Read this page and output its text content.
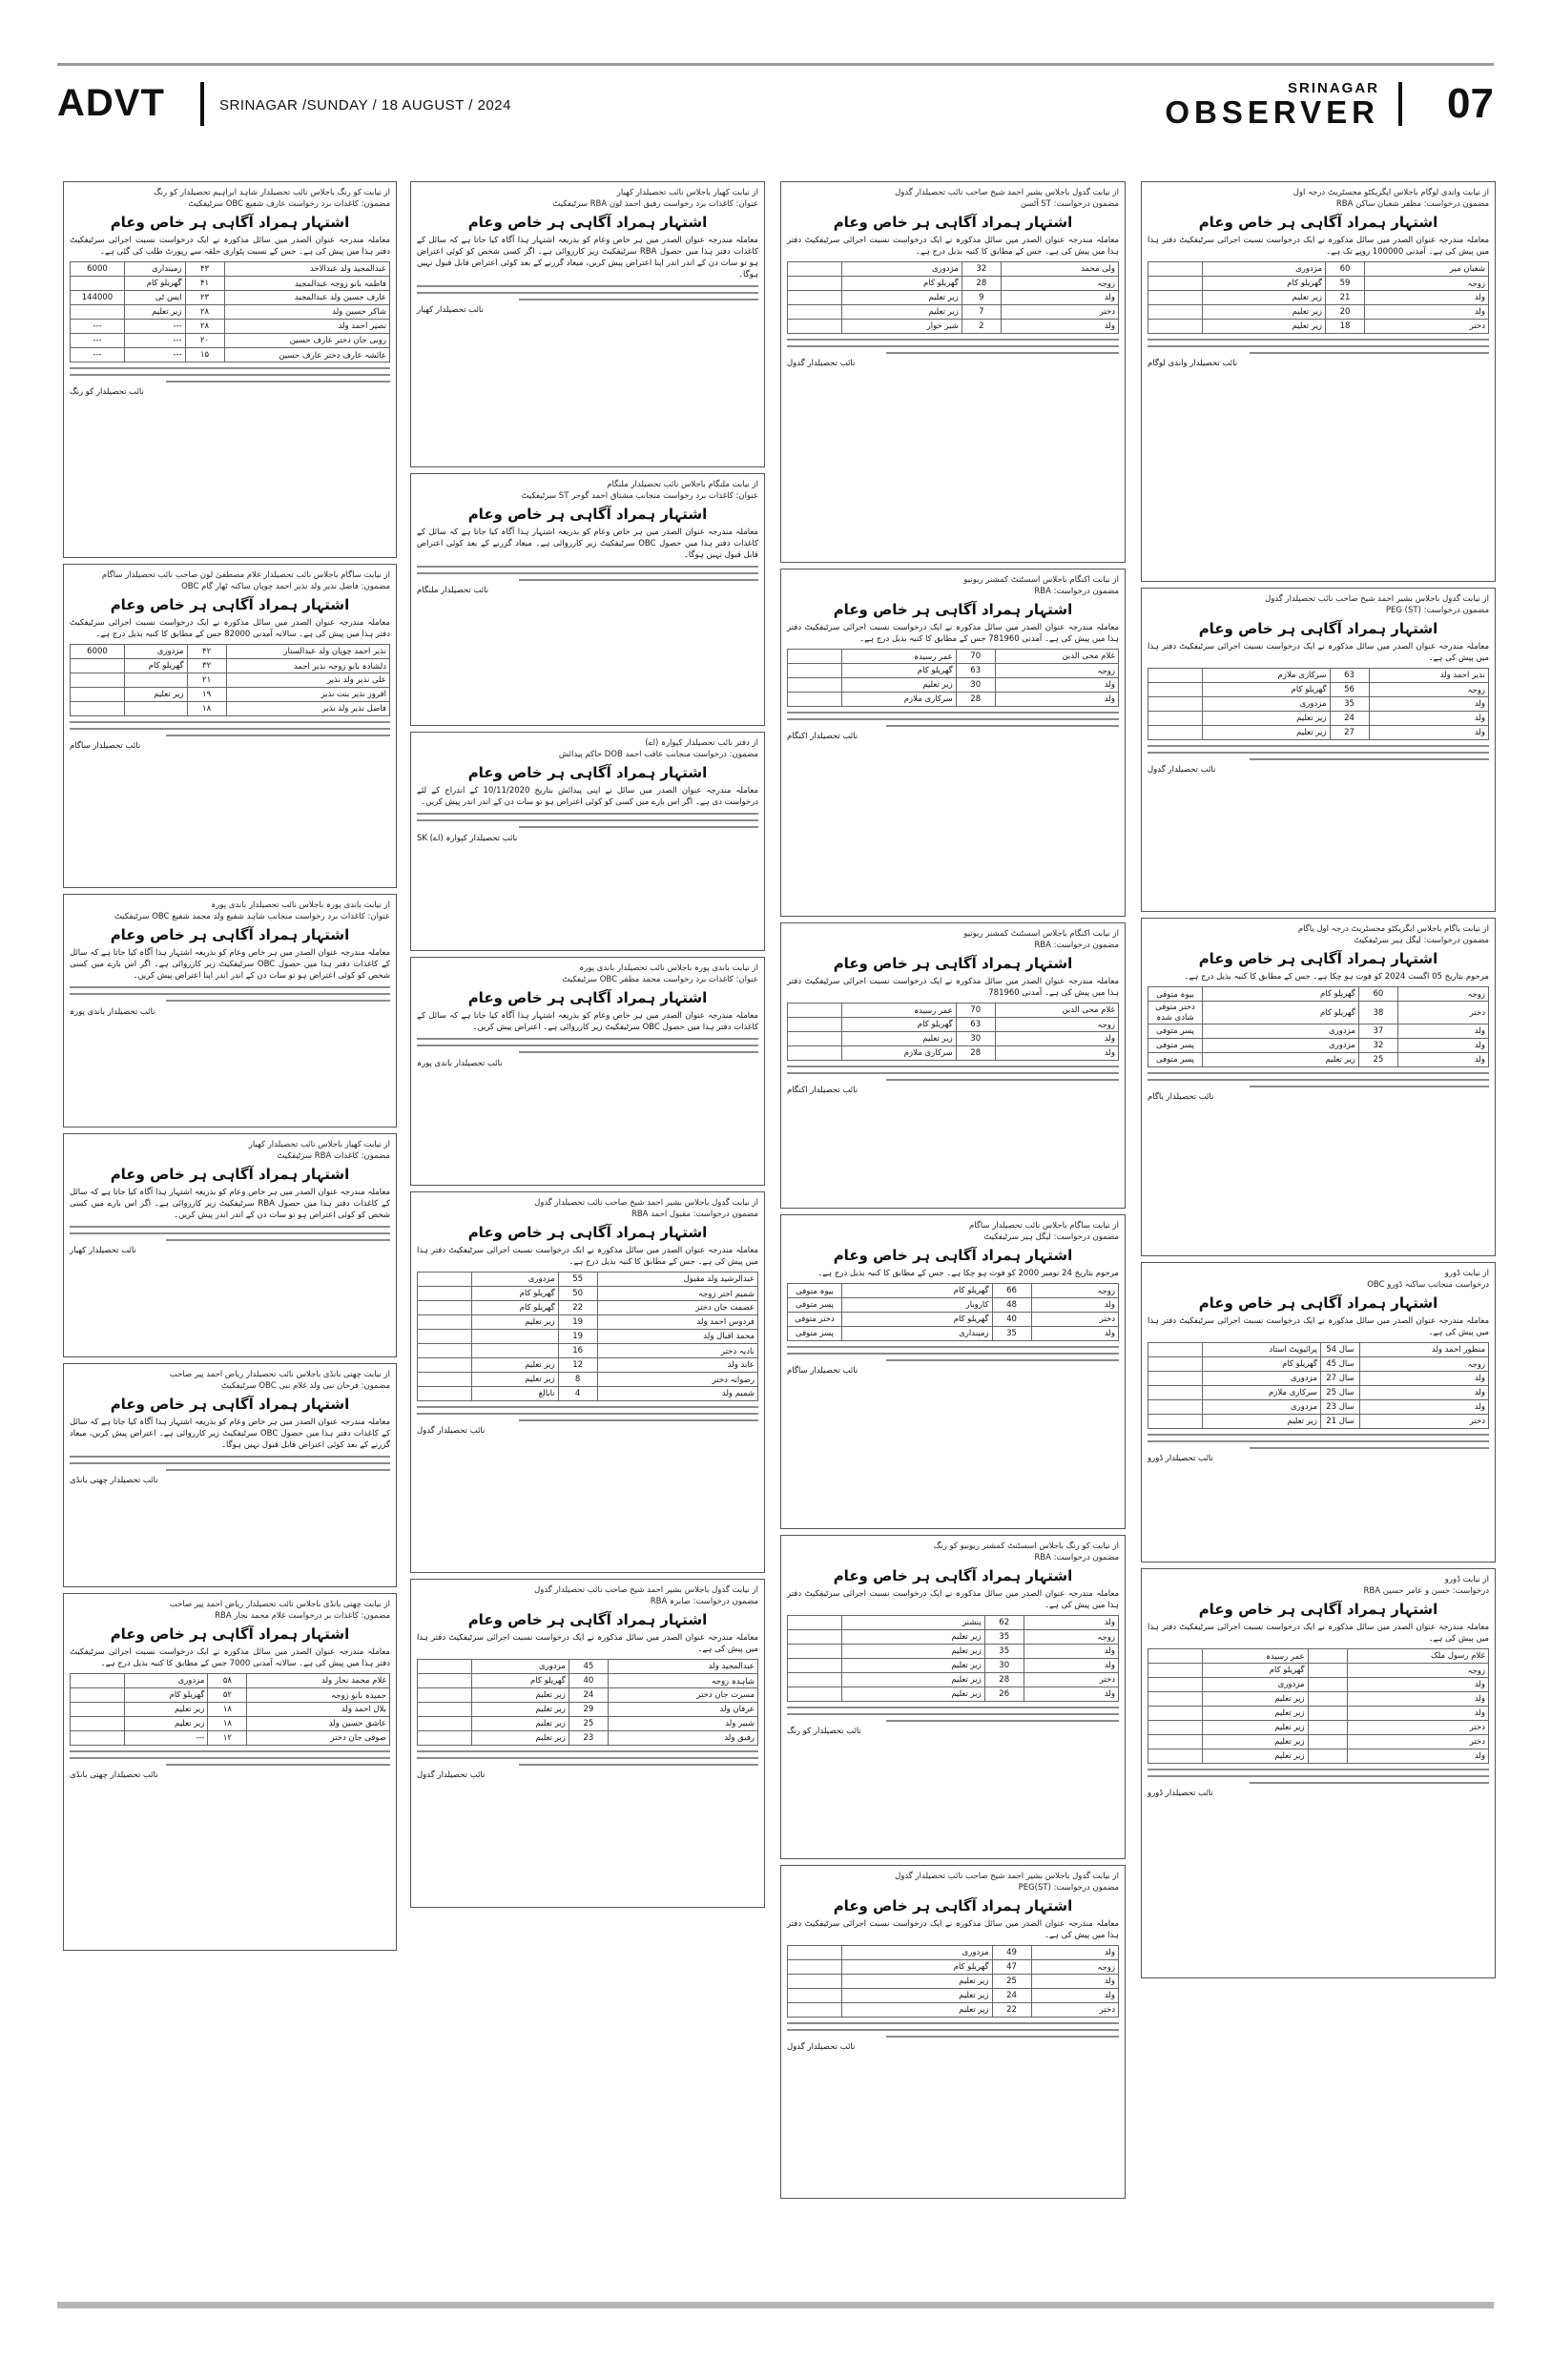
ADVT	SRINAGAR /SUNDAY / 18 AUGUST / 2024
SRINAGAR
OBSERVER 07
از نیابت کو رنگ باجلاس نائب تحصیلدار شاہد ابراہیم تحصیلدار کو رنگ
مضمون: کاغذات برد رخواست عارف شفیع OBC سرٹیفکیٹ
اشتہار ہمراد آگاہی ہر خاص وعام
معاملہ مندرجہ عنوان الصدر میں سائل مذکورہ نے ایک درخواست نسبت اجرائی سرٹیفکیٹ دفتر ہذا میں پیش کی ہے۔ جس کے نسبت پٹواری حلقہ سے رپورٹ طلب کی گئی ہے۔
عبدالمجید ولد عبدالاحد	۴۳	زمینداری	6000
فاطمہ بانو زوجہ عبدالمجید	۴۱	گھریلو کام	
عارف حسین ولد عبدالمجید	۲۳	ایس ٹی	144000
شاکر حسین ولد	۲۸	زیر تعلیم	
نصیر احمد ولد	۲۸	---	---
روبی جان دختر عارف حسین	۲۰	---	---
عائشہ عارف دختر عارف حسین	۱۵	---	---
نائب تحصیلدار کو رنگ
از نیابت ساگام باجلاس نائب تحصیلدار غلام مصطفیٰ لون صاحب نائب تحصیلدار ساگام
مضمون: فاضل نذیر ولد نذیر احمد چوپان ساکنہ ٹھار گام OBC
اشتہار ہمراد آگاہی ہر خاص وعام
معاملہ مندرجہ عنوان الصدر میں سائل مذکورہ نے ایک درخواست نسبت اجرائی سرٹیفکیٹ دفتر ہذا میں پیش کی ہے۔ سالانہ آمدنی 82000 جس کے مطابق کا کنبہ بذیل درج ہے۔
نذیر احمد چوپان ولد عبدالستار	۴۲	مزدوری	6000
دلشادہ بانو زوجہ نذیر احمد	۳۲	گھریلو کام	
علی نذیر ولد نذیر	۲۱		
افروز نذیر بنت نذیر	۱۹	زیر تعلیم	
فاضل نذیر ولد نذیر	۱۸		
نائب تحصیلدار ساگام
از نیابت باندی پورہ باجلاس نائب تحصیلدار باندی پورہ
عنوان: کاغذات برد رخواست منجانب شاہد شفیع ولد محمد شفیع OBC سرٹیفکیٹ
اشتہار ہمراد آگاہی ہر خاص وعام
معاملہ مندرجہ عنوان الصدر میں ہر خاص وعام کو بذریعہ اشتہار ہذا آگاہ کیا جاتا ہے کہ سائل کے کاغذات دفتر ہذا میں حصول OBC سرٹیفکیٹ زیر کارروائی ہے۔ اگر اس بارے میں کسی شخص کو کوئی اعتراض ہو تو سات دن کے اندر اندر اپنا اعتراض پیش کریں۔
نائب تحصیلدار باندی پورہ
از نیابت کھیار باجلاس نائب تحصیلدار کھیار
مضمون: کاغذات RBA سرٹیفکیٹ
اشتہار ہمراد آگاہی ہر خاص وعام
معاملہ مندرجہ عنوان الصدر میں ہر خاص وعام کو بذریعہ اشتہار ہذا آگاہ کیا جاتا ہے کہ سائل کے کاغذات دفتر ہذا میں حصول RBA سرٹیفکیٹ زیر کارروائی ہے۔ اگر اس بارے میں کسی شخص کو کوئی اعتراض ہو تو سات دن کے اندر اندر پیش کریں۔
نائب تحصیلدار کھیار
از نیابت چھتی بانڈی باجلاس نائب تحصیلدار ریاض احمد پیر صاحب
مضمون: فرحان نبی ولد غلام نبی OBC سرٹیفکیٹ
اشتہار ہمراد آگاہی ہر خاص وعام
معاملہ مندرجہ عنوان الصدر میں ہر خاص وعام کو بذریعہ اشتہار ہذا آگاہ کیا جاتا ہے کہ سائل کے کاغذات دفتر ہذا میں حصول OBC سرٹیفکیٹ زیر کارروائی ہے۔ اعتراض پیش کریں، میعاد گزرنے کے بعد کوئی اعتراض قابل قبول نہیں ہوگا۔
نائب تحصیلدار چھتی بانڈی
از نیابت چھتی بانڈی باجلاس نائب تحصیلدار ریاض احمد پیر صاحب
مضمون: کاغذات بر درخواست غلام محمد نجار RBA
اشتہار ہمراد آگاہی ہر خاص وعام
معاملہ مندرجہ عنوان الصدر میں سائل مذکورہ نے ایک درخواست نسبت اجرائی سرٹیفکیٹ دفتر ہذا میں پیش کی ہے۔ سالانہ آمدنی 7000 جس کے مطابق کا کنبہ بذیل درج ہے۔
غلام محمد نجار ولد	۵۸	مزدوری	
حمیدہ بانو زوجہ	۵۲	گھریلو کام	
بلال احمد ولد	۱۸	زیر تعلیم	
عاشق حسین ولد	۱۸	زیر تعلیم	
صوفی جان دختر	۱۲	---	
نائب تحصیلدار چھتی بانڈی
از نیابت کھیار باجلاس نائب تحصیلدار کھیار
عنوان: کاغذات برد رخواست رفیق احمد لون RBA سرٹیفکیٹ
اشتہار ہمراد آگاہی ہر خاص وعام
معاملہ مندرجہ عنوان الصدر میں ہر خاص وعام کو بذریعہ اشتہار ہذا آگاہ کیا جاتا ہے کہ سائل کے کاغذات دفتر ہذا میں حصول RBA سرٹیفکیٹ زیر کارروائی ہے۔ اگر کسی شخص کو کوئی اعتراض ہو تو سات دن کے اندر اندر اپنا اعتراض پیش کریں، میعاد گزرنے کے بعد کوئی اعتراض قابل قبول نہیں ہوگا۔
نائب تحصیلدار کھیار
از نیابت ملنگام باجلاس نائب تحصیلدار ملنگام
عنوان: کاغذات برد رخواست منجانب مشتاق احمد گوجر ST سرٹیفکیٹ
اشتہار ہمراد آگاہی ہر خاص وعام
معاملہ مندرجہ عنوان الصدر میں ہر خاص وعام کو بذریعہ اشتہار ہذا آگاہ کیا جاتا ہے کہ سائل کے کاغذات دفتر ہذا میں حصول OBC سرٹیفکیٹ زیر کارروائی ہے۔ میعاد گزرنے کے بعد کوئی اعتراض قابل قبول نہیں ہوگا۔
نائب تحصیلدار ملنگام
از دفتر نائب تحصیلدار کپوارہ (اے)
مضمون: درخواست منجانب عاقب احمد DOB حاکم پیدائش
اشتہار ہمراد آگاہی ہر خاص وعام
معاملہ مندرجہ عنوان الصدر میں سائل نے اپنی پیدائش بتاریخ 10/11/2020 کے اندراج کے لئے درخواست دی ہے۔ اگر اس بارے میں کسی کو کوئی اعتراض ہو تو سات دن کے اندر اندر پیش کریں۔
نائب تحصیلدار کپوارہ (اے) SK
از نیابت باندی پورہ باجلاس نائب تحصیلدار باندی پورہ
عنوان: کاغذات برد رخواست محمد مظفر OBC سرٹیفکیٹ
اشتہار ہمراد آگاہی ہر خاص وعام
معاملہ مندرجہ عنوان الصدر میں ہر خاص وعام کو بذریعہ اشتہار ہذا آگاہ کیا جاتا ہے کہ سائل کے کاغذات دفتر ہذا میں حصول OBC سرٹیفکیٹ زیر کارروائی ہے۔ اعتراض پیش کریں۔
نائب تحصیلدار باندی پورہ
از نیابت گدول باجلاس بشیر احمد شیخ صاحب نائب تحصیلدار گدول
مضمون درخواست: مقبول احمد RBA
اشتہار ہمراد آگاہی ہر خاص وعام
معاملہ مندرجہ عنوان الصدر میں سائل مذکورہ نے ایک درخواست نسبت اجرائی سرٹیفکیٹ دفتر ہذا میں پیش کی ہے۔ جس کے مطابق کا کنبہ بذیل درج ہے۔
عبدالرشید ولد مقبول	55	مزدوری	
شمیم اختر زوجہ	50	گھریلو کام	
عصمت جان دختر	22	گھریلو کام	
فردوس احمد ولد	19	زیر تعلیم	
محمد اقبال ولد	19		
نادیہ دختر	16		
عابد ولد	12	زیر تعلیم	
رضوانہ دختر	8	زیر تعلیم	
شمیم ولد	4	نابالغ	
نائب تحصیلدار گدول
از نیابت گدول باجلاس بشیر احمد شیخ صاحب نائب تحصیلدار گدول
مضمون درخواست: صابرہ RBA
اشتہار ہمراد آگاہی ہر خاص وعام
معاملہ مندرجہ عنوان الصدر میں سائل مذکورہ نے ایک درخواست نسبت اجرائی سرٹیفکیٹ دفتر ہذا میں پیش کی ہے۔
عبدالمجید ولد	45	مزدوری	
شاہدہ زوجہ	40	گھریلو کام	
مسرت جان دختر	24	زیر تعلیم	
عرفان ولد	29	زیر تعلیم	
شبیر ولد	25	زیر تعلیم	
رفیق ولد	23	زیر تعلیم	
نائب تحصیلدار گدول
از نیابت گدول باجلاس بشیر احمد شیخ صاحب نائب تحصیلدار گدول
مضمون درخواست: ST آٹسن
اشتہار ہمراد آگاہی ہر خاص وعام
معاملہ مندرجہ عنوان الصدر میں سائل مذکورہ نے ایک درخواست نسبت اجرائی سرٹیفکیٹ دفتر ہذا میں پیش کی ہے۔ جس کے مطابق کا کنبہ بذیل درج ہے۔
ولی محمد	32	مزدوری	
زوجہ	28	گھریلو کام	
ولد	9	زیر تعلیم	
دختر	7	زیر تعلیم	
ولد	2	شیر خوار	
نائب تحصیلدار گدول
از نیابت اکنگام باجلاس اسسٹنٹ کمشنر ریونیو
مضمون درخواست: RBA
اشتہار ہمراد آگاہی ہر خاص وعام
معاملہ مندرجہ عنوان الصدر میں سائل مذکورہ نے ایک درخواست نسبت اجرائی سرٹیفکیٹ دفتر ہذا میں پیش کی ہے۔ آمدنی 781960 جس کے مطابق کا کنبہ بذیل درج ہے۔
غلام محی الدین	70	عمر رسیدہ	
زوجہ	63	گھریلو کام	
ولد	30	زیر تعلیم	
ولد	28	سرکاری ملازم	
نائب تحصیلدار اکنگام
از نیابت اکنگام باجلاس اسسٹنٹ کمشنر ریونیو
مضمون درخواست: RBA
اشتہار ہمراد آگاہی ہر خاص وعام
معاملہ مندرجہ عنوان الصدر میں سائل مذکورہ نے ایک درخواست نسبت اجرائی سرٹیفکیٹ دفتر ہذا میں پیش کی ہے۔ آمدنی 781960
غلام محی الدین	70	عمر رسیدہ	
زوجہ	63	گھریلو کام	
ولد	30	زیر تعلیم	
ولد	28	سرکاری ملازم	
نائب تحصیلدار اکنگام
از نیابت ساگام باجلاس نائب تحصیلدار ساگام
مضمون درخواست: لیگل ہیر سرٹیفکیٹ
اشتہار ہمراد آگاہی ہر خاص وعام
مرحوم بتاریخ 24 نومبر 2000 کو فوت ہو چکا ہے۔ جس کے مطابق کا کنبہ بذیل درج ہے۔
زوجہ	66	گھریلو کام	بیوہ متوفی
ولد	48	کاروبار	پسر متوفی
دختر	40	گھریلو کام	دختر متوفی
ولد	35	زمینداری	پسر متوفی
نائب تحصیلدار ساگام
از نیابت کو رنگ باجلاس اسسٹنٹ کمشنر ریونیو کو رنگ
مضمون درخواست: RBA
اشتہار ہمراد آگاہی ہر خاص وعام
معاملہ مندرجہ عنوان الصدر میں سائل مذکورہ نے ایک درخواست نسبت اجرائی سرٹیفکیٹ دفتر ہذا میں پیش کی ہے۔
ولد	62	پنشنر	
زوجہ	35	زیر تعلیم	
ولد	35	زیر تعلیم	
ولد	30	زیر تعلیم	
دختر	28	زیر تعلیم	
ولد	26	زیر تعلیم	
نائب تحصیلدار کو رنگ
از نیابت گدول باجلاس بشیر احمد شیخ صاحب نائب تحصیلدار گدول
مضمون درخواست: PEG(ST)
اشتہار ہمراد آگاہی ہر خاص وعام
معاملہ مندرجہ عنوان الصدر میں سائل مذکورہ نے ایک درخواست نسبت اجرائی سرٹیفکیٹ دفتر ہذا میں پیش کی ہے۔
ولد	49	مزدوری	
زوجہ	47	گھریلو کام	
ولد	25	زیر تعلیم	
ولد	24	زیر تعلیم	
دختر	22	زیر تعلیم	
نائب تحصیلدار گدول
از نیابت واندی لوگام باجلاس ایگزیکٹو مجسٹریٹ درجہ اول
مضمون درخواست: مظفر شعبان ساکن RBA
اشتہار ہمراد آگاہی ہر خاص وعام
معاملہ مندرجہ عنوان الصدر میں سائل مذکورہ نے ایک درخواست نسبت اجرائی سرٹیفکیٹ دفتر ہذا میں پیش کی ہے۔ آمدنی 100000 روپے تک ہے۔
شعبان میر	60	مزدوری	
زوجہ	59	گھریلو کام	
ولد	21	زیر تعلیم	
ولد	20	زیر تعلیم	
دختر	18	زیر تعلیم	
نائب تحصیلدار واندی لوگام
از نیابت گدول باجلاس بشیر احمد شیخ صاحب نائب تحصیلدار گدول
مضمون درخواست: PEG (ST)
اشتہار ہمراد آگاہی ہر خاص وعام
معاملہ مندرجہ عنوان الصدر میں سائل مذکورہ نے ایک درخواست نسبت اجرائی سرٹیفکیٹ دفتر ہذا میں پیش کی ہے۔
نذیر احمد ولد	63	سرکاری ملازم	
زوجہ	56	گھریلو کام	
ولد	35	مزدوری	
ولد	24	زیر تعلیم	
ولد	27	زیر تعلیم	
نائب تحصیلدار گدول
از نیابت یاگام باجلاس ایگزیکٹو مجسٹریٹ درجہ اول یاگام
مضمون درخواست: لیگل ہیر سرٹیفکیٹ
اشتہار ہمراد آگاہی ہر خاص وعام
مرحوم بتاریخ 05 اگست 2024 کو فوت ہو چکا ہے۔ جس کے مطابق کا کنبہ بذیل درج ہے۔
زوجہ	60	گھریلو کام	بیوہ متوفی
دختر	38	گھریلو کام	دختر متوفی شادی شدہ
ولد	37	مزدوری	پسر متوفی
ولد	32	مزدوری	پسر متوفی
ولد	25	زیر تعلیم	پسر متوفی
نائب تحصیلدار یاگام
از نیابت ڈورو
درخواست منجانب ساکنہ ڈورو OBC
اشتہار ہمراد آگاہی ہر خاص وعام
معاملہ مندرجہ عنوان الصدر میں سائل مذکورہ نے ایک درخواست نسبت اجرائی سرٹیفکیٹ دفتر ہذا میں پیش کی ہے۔
منظور احمد ولد	54 سال	پرائیویٹ استاد	
زوجہ	45 سال	گھریلو کام	
ولد	27 سال	مزدوری	
ولد	25 سال	سرکاری ملازم	
ولد	23 سال	مزدوری	
دختر	21 سال	زیر تعلیم	
نائب تحصیلدار ڈورو
از نیابت ڈورو
درخواست: حسن و عامر حسین RBA
اشتہار ہمراد آگاہی ہر خاص وعام
معاملہ مندرجہ عنوان الصدر میں سائل مذکورہ نے ایک درخواست نسبت اجرائی سرٹیفکیٹ دفتر ہذا میں پیش کی ہے۔
غلام رسول ملک		عمر رسیدہ	
زوجہ		گھریلو کام	
ولد		مزدوری	
ولد		زیر تعلیم	
ولد		زیر تعلیم	
دختر		زیر تعلیم	
دختر		زیر تعلیم	
ولد		زیر تعلیم	
نائب تحصیلدار ڈورو
